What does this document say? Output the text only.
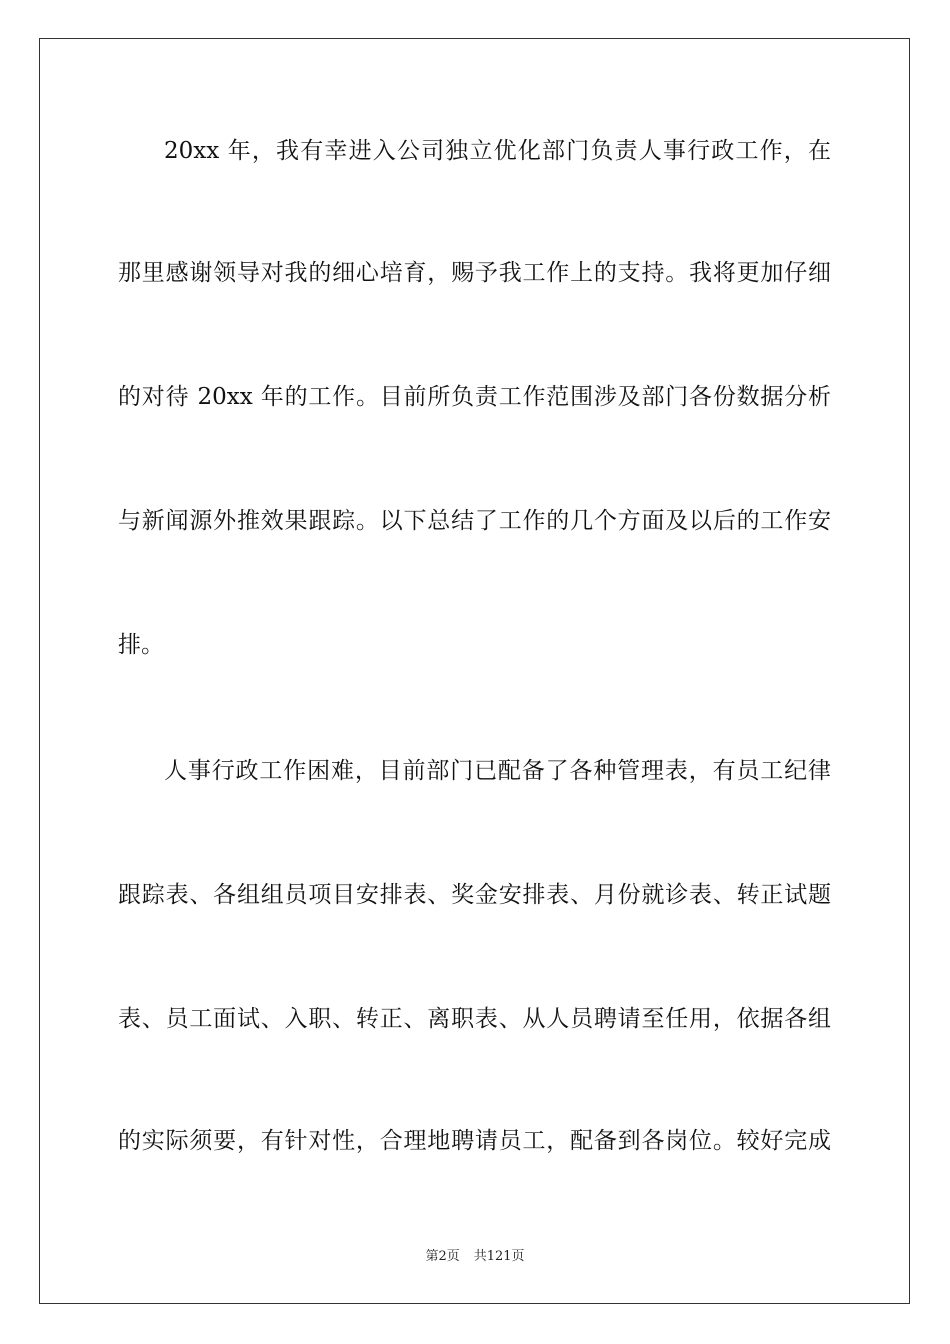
20xx 年，我有幸进入公司独立优化部门负责人事行政工作，在
那里感谢领导对我的细心培育，赐予我工作上的支持。我将更加仔细
的对待 20xx 年的工作。目前所负责工作范围涉及部门各份数据分析
与新闻源外推效果跟踪。以下总结了工作的几个方面及以后的工作安
排。
人事行政工作困难，目前部门已配备了各种管理表，有员工纪律
跟踪表、各组组员项目安排表、奖金安排表、月份就诊表、转正试题
表、员工面试、入职、转正、离职表、从人员聘请至任用，依据各组
的实际须要，有针对性，合理地聘请员工，配备到各岗位。较好完成
第2页 共121页
